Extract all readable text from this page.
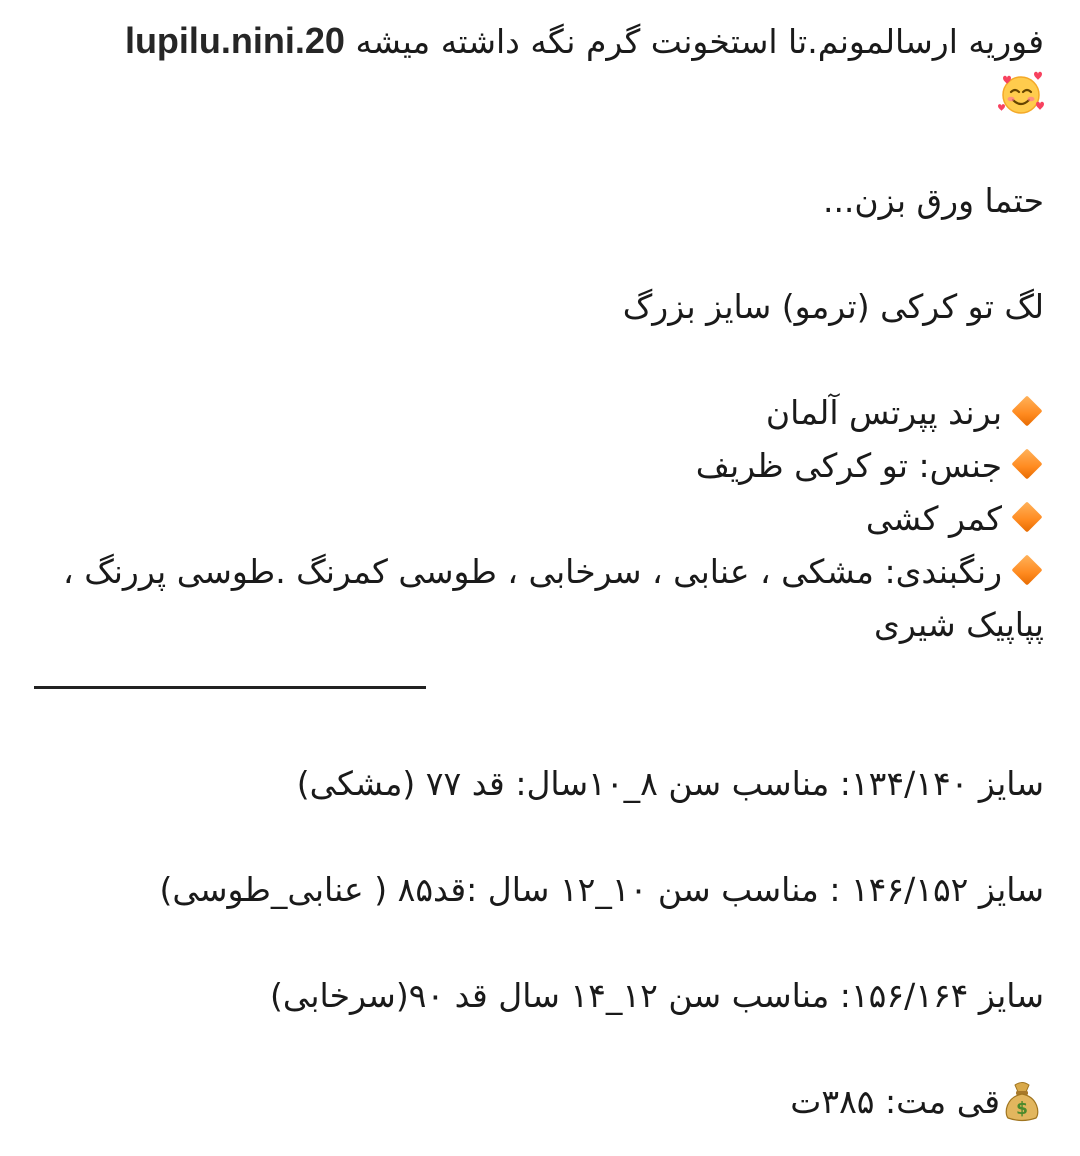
فوریه ارسالمونم.تا استخونت گرم نگه داشته میشه lupilu.nini.20
حتما ورق بزن...
لگ تو کرکی (ترمو) سایز بزرگ
برند پپرتس آلمان
جنس: تو کرکی ظریف
کمر کشی
رنگبندی: مشکی ، عنابی ، سرخابی ، طوسی کمرنگ .طوسی پررنگ ، پپاپیک شیری
سایز ۱۳۴/۱۴۰: مناسب سن ۸_۱۰سال: قد ۷۷ (مشکی)
سایز ۱۴۶/۱۵۲ : مناسب سن ۱۰_۱۲ سال :قد۸۵ ( عنابی_طوسی)
سایز ۱۵۶/۱۶۴: مناسب سن ۱۲_۱۴ سال قد ۹۰(سرخابی)
$
قی مت: ۳۸۵ت
